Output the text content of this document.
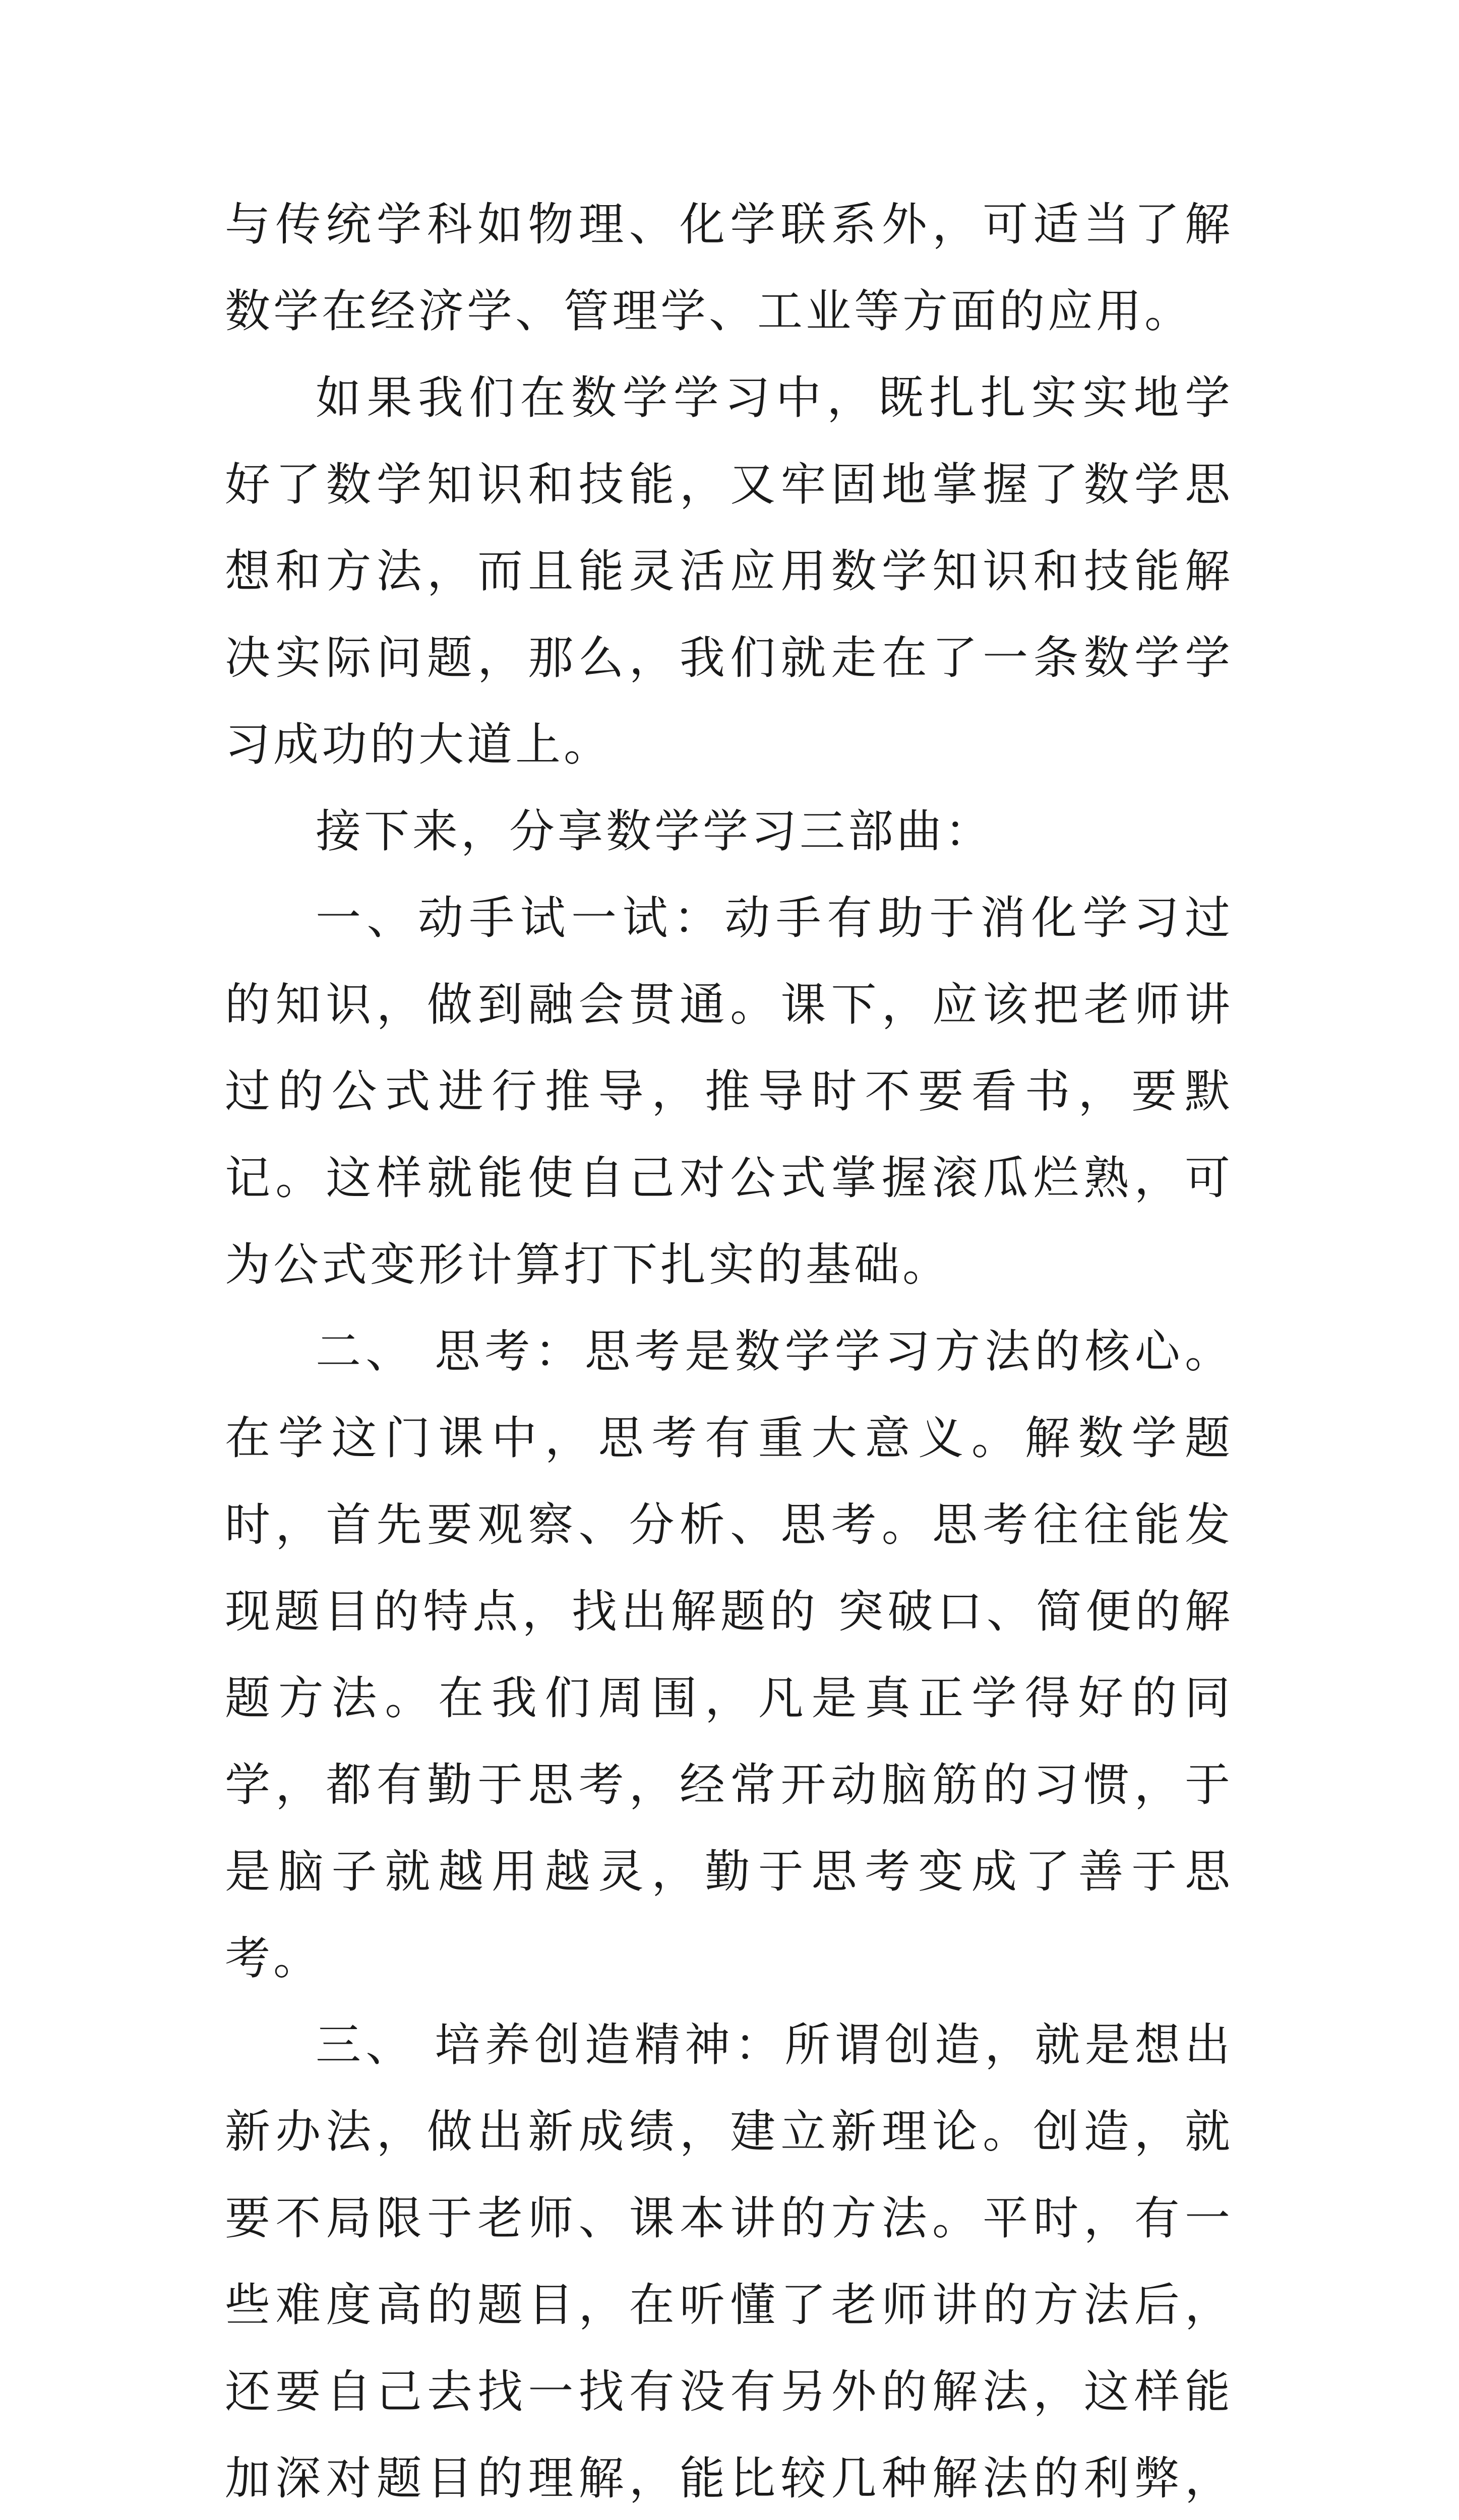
与传统学科如物理、化学联系外，可适当了解数学在经济学、管理学、工业等方面的应用。

如果我们在数学学习中，既扎扎实实地学好了数学知识和技能，又牢固地掌握了数学思想和方法，而且能灵活应用数学知识和技能解决实际问题，那么，我们就走在了一条数学学习成功的大道上。

接下来，分享数学学习三部曲：

一、动手试一试：动手有助于消化学习过的知识，做到融会贯通。课下，应该把老师讲过的公式进行推导，推导时不要看书，要默记。这样就能使自己对公式掌握滚瓜烂熟，可为公式变形计算打下扎实的基础。

二、 思考：思考是数学学习方法的核心。在学这门课中，思考有重大意义。解数学题时，首先要观察、分析、思考。思考往往能发现题目的特点，找出解题的 突破口、简便的解题方法。在我们周围，凡是真正学得好的同学，都有勤于思考，经常开动脑筋的习惯，于是脑子就越用越灵，勤于思考变成了善于思考。

三、 培养创造精神：所谓创造，就是想出新办法，做出新成绩，建立新理论。创造，就要不局限于老师、课本讲的方法。平时，有一些难度高的题目，在听懂了老师讲的方法后，还要自己去找一找有没有另外的解法，这样能加深对题目的理解，能比较几种解法的利弊，
